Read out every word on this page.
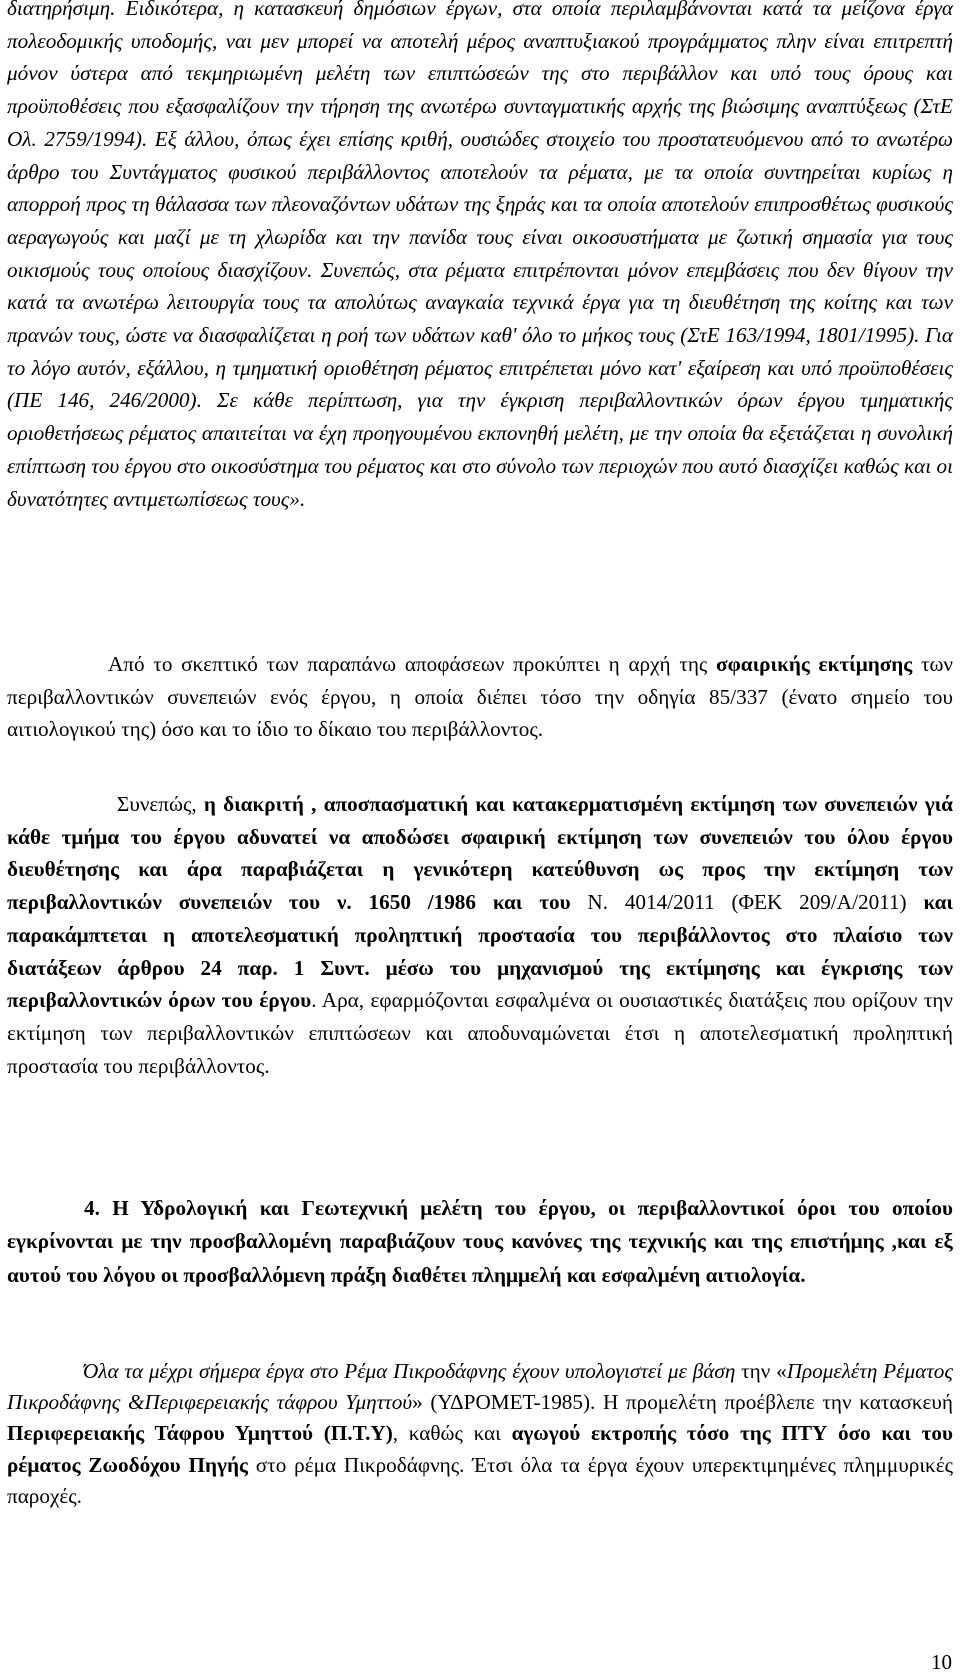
διατηρήσιμη. Ειδικότερα, η κατασκευή δημόσιων έργων, στα οποία περιλαμβάνονται κατά τα μείζονα έργα πολεοδομικής υποδομής, ναι μεν μπορεί να αποτελή μέρος αναπτυξιακού προγράμματος πλην είναι επιτρεπτή μόνον ύστερα από τεκμηριωμένη μελέτη των επιπτώσεών της στο περιβάλλον και υπό τους όρους και προϋποθέσεις που εξασφαλίζουν την τήρηση της ανωτέρω συνταγματικής αρχής της βιώσιμης αναπτύξεως (ΣτΕ Ολ. 2759/1994). Εξ άλλου, όπως έχει επίσης κριθή, ουσιώδες στοιχείο του προστατευόμενου από το ανωτέρω άρθρο του Συντάγματος φυσικού περιβάλλοντος αποτελούν τα ρέματα, με τα οποία συντηρείται κυρίως η απορροή προς τη θάλασσα των πλεοναζόντων υδάτων της ξηράς και τα οποία αποτελούν επιπροσθέτως φυσικούς αεραγωγούς και μαζί με τη χλωρίδα και την πανίδα τους είναι οικοσυστήματα με ζωτική σημασία για τους οικισμούς τους οποίους διασχίζουν. Συνεπώς, στα ρέματα επιτρέπονται μόνον επεμβάσεις που δεν θίγουν την κατά τα ανωτέρω λειτουργία τους τα απολύτως αναγκαία τεχνικά έργα για τη διευθέτηση της κοίτης και των πρανών τους, ώστε να διασφαλίζεται η ροή των υδάτων καθ' όλο το μήκος τους (ΣτΕ 163/1994, 1801/1995). Για το λόγο αυτόν, εξάλλου, η τμηματική οριοθέτηση ρέματος επιτρέπεται μόνο κατ' εξαίρεση και υπό προϋποθέσεις (ΠΕ 146, 246/2000). Σε κάθε περίπτωση, για την έγκριση περιβαλλοντικών όρων έργου τμηματικής οριοθετήσεως ρέματος απαιτείται να έχη προηγουμένου εκπονηθή μελέτη, με την οποία θα εξετάζεται η συνολική επίπτωση του έργου στο οικοσύστημα του ρέματος και στο σύνολο των περιοχών που αυτό διασχίζει καθώς και οι δυνατότητες αντιμετωπίσεως τους».

Από το σκεπτικό των παραπάνω αποφάσεων προκύπτει η αρχή της σφαιρικής εκτίμησης των περιβαλλοντικών συνεπειών ενός έργου, η οποία διέπει τόσο την οδηγία 85/337 (ένατο σημείο του αιτιολογικού της) όσο και το ίδιο το δίκαιο του περιβάλλοντος.

Συνεπώς, η διακριτή , αποσπασματική και κατακερματισμένη εκτίμηση των συνεπειών γιά κάθε τμήμα του έργου αδυνατεί να αποδώσει σφαιρική εκτίμηση των συνεπειών του όλου έργου διευθέτησης και άρα παραβιάζεται η γενικότερη κατεύθυνση ως προς την εκτίμηση των περιβαλλοντικών συνεπειών του ν. 1650 /1986 και του Ν. 4014/2011 (ΦΕΚ 209/Α/2011) και παρακάμπτεται η αποτελεσματική προληπτική προστασία του περιβάλλοντος στο πλαίσιο των διατάξεων άρθρου 24 παρ. 1 Συντ. μέσω του μηχανισμού της εκτίμησης και έγκρισης των περιβαλλοντικών όρων του έργου. Αρα, εφαρμόζονται εσφαλμένα οι ουσιαστικές διατάξεις που ορίζουν την εκτίμηση των περιβαλλοντικών επιπτώσεων και αποδυναμώνεται έτσι η αποτελεσματική προληπτική προστασία του περιβάλλοντος.

4. Η Υδρολογική και Γεωτεχνική μελέτη του έργου, οι περιβαλλοντικοί όροι του οποίου εγκρίνονται με την προσβαλλομένη παραβιάζουν τους κανόνες της τεχνικής και της επιστήμης ,και εξ αυτού του λόγου οι προσβαλλόμενη πράξη διαθέτει πλημμελή και εσφαλμένη αιτιολογία.

Όλα τα μέχρι σήμερα έργα στο Ρέμα Πικροδάφνης έχουν υπολογιστεί με βάση την «Προμελέτη Ρέματος Πικροδάφνης &Περιφερειακής τάφρου Υμηττού» (ΥΔΡΟΜΕΤ-1985). Η προμελέτη προέβλεπε την κατασκευή Περιφερειακής Τάφρου Υμηττού (Π.Τ.Υ), καθώς και αγωγού εκτροπής τόσο της ΠΤΥ όσο και του ρέματος Ζωοδόχου Πηγής στο ρέμα Πικροδάφνης. Έτσι όλα τα έργα έχουν υπερεκτιμημένες πλημμυρικές παροχές.

10
